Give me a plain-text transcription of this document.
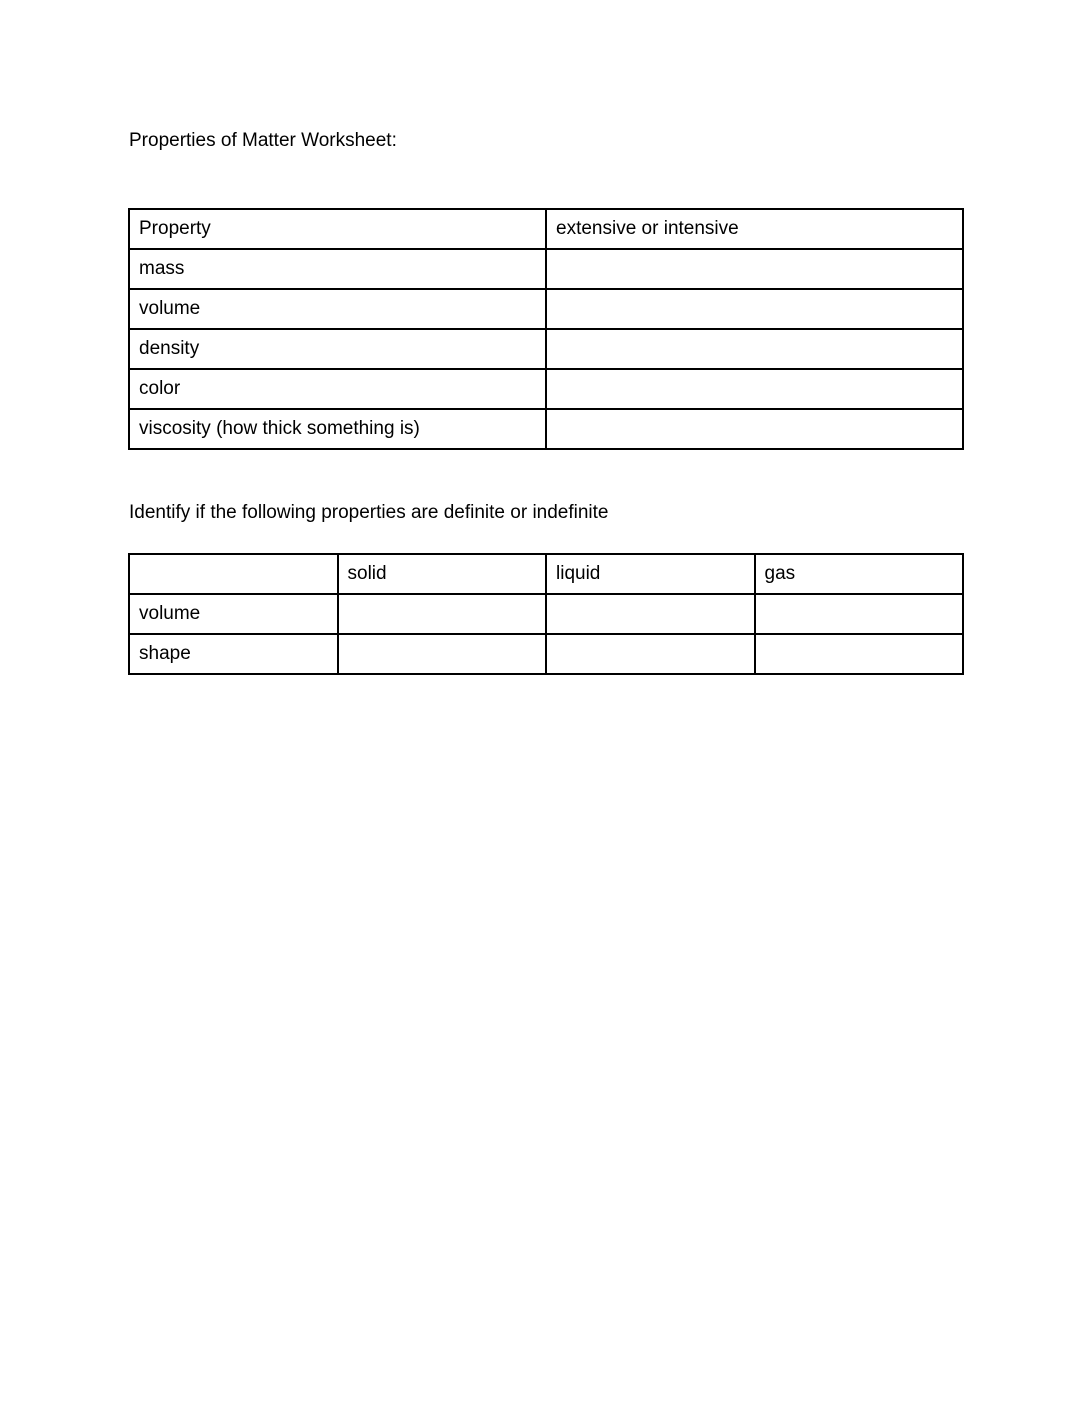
Properties of Matter Worksheet:
Property	extensive or intensive
mass	
volume	
density	
color	
viscosity (how thick something is)	
Identify if the following properties are definite or indefinite
	solid	liquid	gas
volume			
shape			
